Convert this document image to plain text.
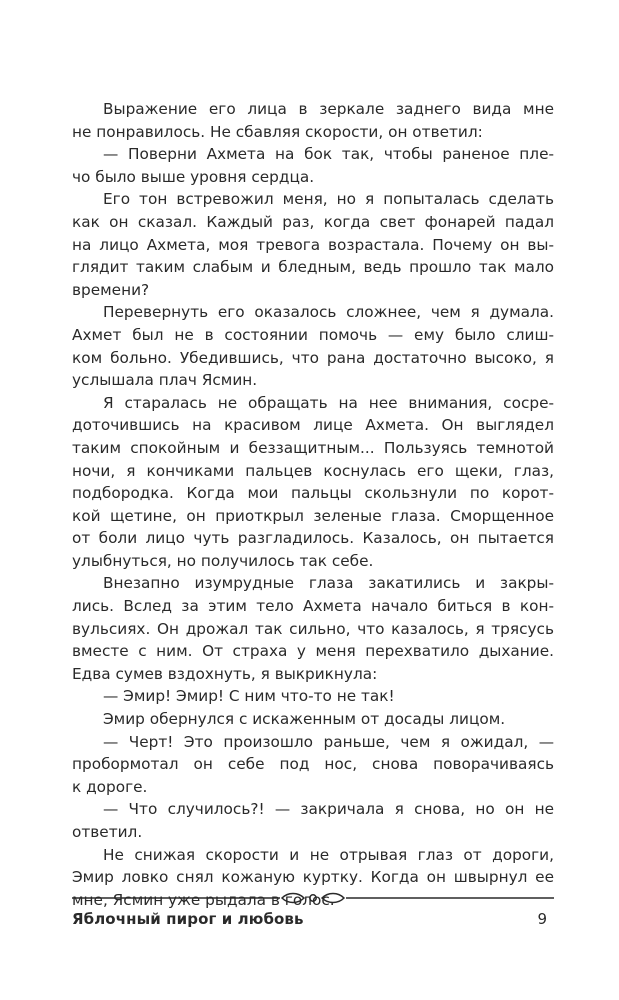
Выражение его лица в зеркале заднего вида мне
не понравилось. Не сбавляя скорости, он ответил:

— Поверни Ахмета на бок так, чтобы раненое пле-
чо было выше уровня сердца.

Его тон встревожил меня, но я попыталась сделать
как он сказал. Каждый раз, когда свет фонарей падал
на лицо Ахмета, моя тревога возрастала. Почему он вы-
глядит таким слабым и бледным, ведь прошло так мало
времени?

Перевернуть его оказалось сложнее, чем я думала.
Ахмет был не в состоянии помочь — ему было слиш-
ком больно. Убедившись, что рана достаточно высоко, я
услышала плач Ясмин.

Я старалась не обращать на нее внимания, сосре-
доточившись на красивом лице Ахмета. Он выглядел
таким спокойным и беззащитным... Пользуясь темнотой
ночи, я кончиками пальцев коснулась его щеки, глаз,
подбородка. Когда мои пальцы скользнули по корот-
кой щетине, он приоткрыл зеленые глаза. Сморщенное
от боли лицо чуть разгладилось. Казалось, он пытается
улыбнуться, но получилось так себе.

Внезапно изумрудные глаза закатились и закры-
лись. Вслед за этим тело Ахмета начало биться в кон-
вульсиях. Он дрожал так сильно, что казалось, я трясусь
вместе с ним. От страха у меня перехватило дыхание.
Едва сумев вздохнуть, я выкрикнула:

— Эмир! Эмир! С ним что-то не так!

Эмир обернулся с искаженным от досады лицом.

— Черт! Это произошло раньше, чем я ожидал, —
пробормотал он себе под нос, снова поворачиваясь
к дороге.

— Что случилось?! — закричала я снова, но он не
ответил.

Не снижая скорости и не отрывая глаз от дороги,
Эмир ловко снял кожаную куртку. Когда он швырнул ее
мне, Ясмин уже рыдала в голос.

Яблочный пирог и любовь	9
